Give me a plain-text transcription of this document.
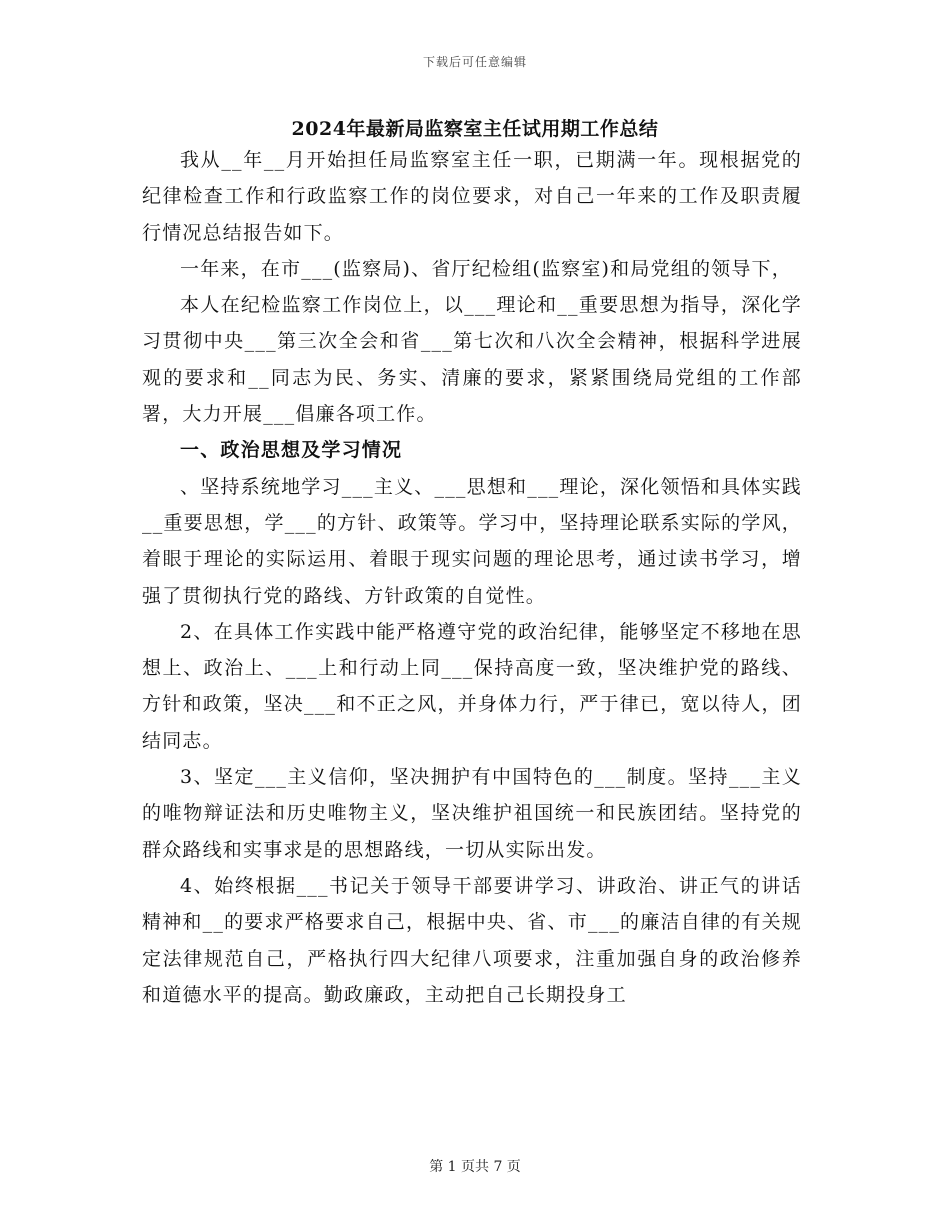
下载后可任意编辑
2024年最新局监察室主任试用期工作总结

我从__年__月开始担任局监察室主任一职，已期满一年。现根据党的纪律检查工作和行政监察工作的岗位要求，对自己一年来的工作及职责履行情况总结报告如下。

一年来，在市___(监察局)、省厅纪检组(监察室)和局党组的领导下，

本人在纪检监察工作岗位上，以___理论和__重要思想为指导，深化学习贯彻中央___第三次全会和省___第七次和八次全会精神，根据科学进展观的要求和__同志为民、务实、清廉的要求，紧紧围绕局党组的工作部署，大力开展___倡廉各项工作。

一、政治思想及学习情况

、坚持系统地学习___主义、___思想和___理论，深化领悟和具体实践__重要思想，学___的方针、政策等。学习中，坚持理论联系实际的学风，着眼于理论的实际运用、着眼于现实问题的理论思考，通过读书学习，增强了贯彻执行党的路线、方针政策的自觉性。

2、在具体工作实践中能严格遵守党的政治纪律，能够坚定不移地在思想上、政治上、___上和行动上同___保持高度一致，坚决维护党的路线、方针和政策，坚决___和不正之风，并身体力行，严于律已，宽以待人，团结同志。

3、坚定___主义信仰，坚决拥护有中国特色的___制度。坚持___主义的唯物辩证法和历史唯物主义，坚决维护祖国统一和民族团结。坚持党的群众路线和实事求是的思想路线，一切从实际出发。

4、始终根据___书记关于领导干部要讲学习、讲政治、讲正气的讲话精神和__的要求严格要求自己，根据中央、省、市___的廉洁自律的有关规定法律规范自己，严格执行四大纪律八项要求，注重加强自身的政治修养和道德水平的提高。勤政廉政，主动把自己长期投身工

第 1 页共 7 页
